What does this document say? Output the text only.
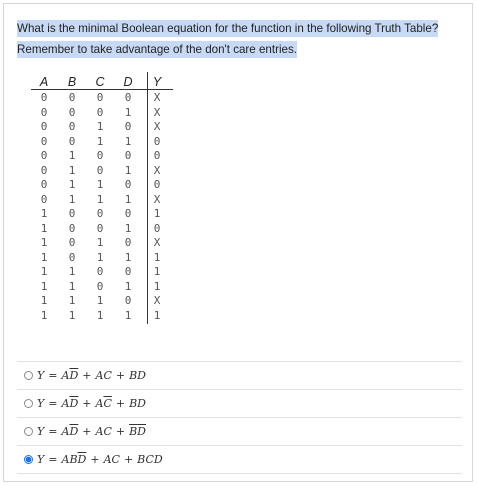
What is the minimal Boolean equation for the function in the following Truth Table? Remember to take advantage of the don't care entries.
A B C D Y
0	0	0	0	X
0	0	0	1	X
0	0	1	0	X
0	0	1	1	0
0	1	0	0	0
0	1	0	1	X
0	1	1	0	0
0	1	1	1	X
1	0	0	0	1
1	0	0	1	0
1	0	1	0	X
1	0	1	1	1
1	1	0	0	1
1	1	0	1	1
1	1	1	0	X
1	1	1	1	1
$Y = A\overline{D}$ + AC + BD
$Y = A\overline{D} + A\overline{C}$ + BD
$Y = A\overline{D}$ + AC + $\overline{B}\overline{D}$
$Y = AB\overline{D}$ + AC + BCD
